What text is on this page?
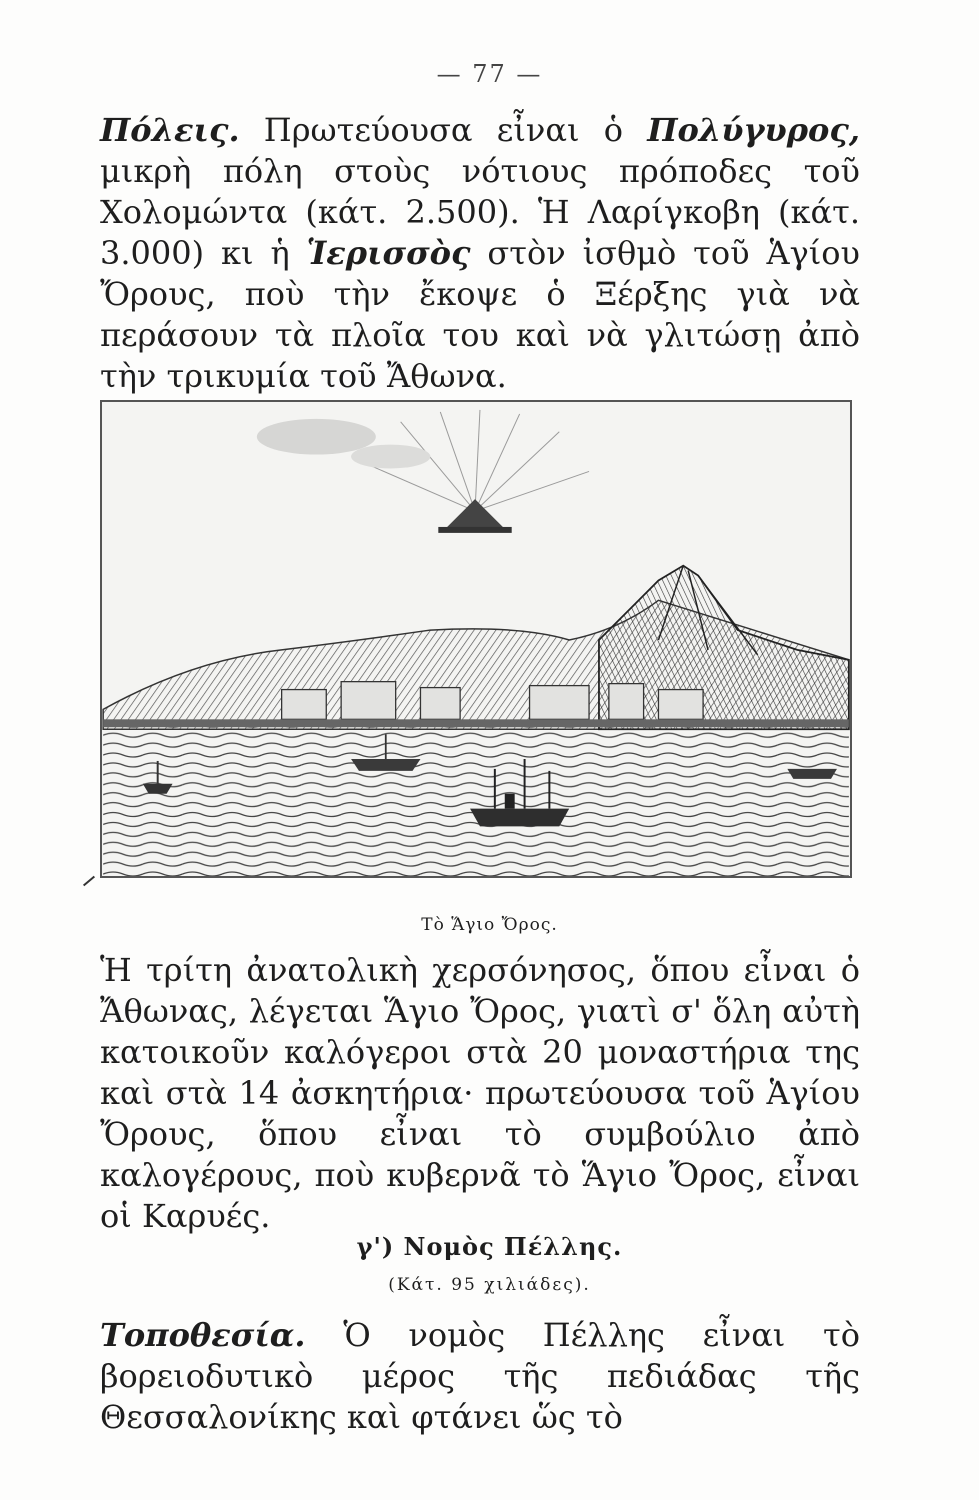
— 77 —
Πόλεις. Πρωτεύουσα εἶναι ὁ Πολύγυρος, μικρὴ πόλη στοὺς νότιους πρόποδες τοῦ Χολομώντα (κάτ. 2.500). Ἡ Λαρίγκοβη (κάτ. 3.000) κι ἡ Ἱερισσὸς στὸν ἰσθμὸ τοῦ Ἁγίου Ὄρους, ποὺ τὴν ἔκοψε ὁ Ξέρξης γιὰ νὰ περάσουν τὰ πλοῖα του καὶ νὰ γλιτώσῃ ἀπὸ τὴν τρικυμία τοῦ Ἄθωνα.
Τὸ Ἅγιο Ὄρος.
Ἡ τρίτη ἀνατολικὴ χερσόνησος, ὅπου εἶναι ὁ Ἄθωνας, λέγεται Ἅγιο Ὄρος, γιατὶ σ' ὅλη αὐτὴ κατοικοῦν καλόγεροι στὰ 20 μοναστήρια της καὶ στὰ 14 ἀσκητήρια· πρωτεύουσα τοῦ Ἁγίου Ὄρους, ὅπου εἶναι τὸ συμβούλιο ἀπὸ καλογέρους, ποὺ κυβερνᾶ τὸ Ἅγιο Ὄρος, εἶναι οἱ Καρυές.
γ') Νομὸς Πέλλης.
(Κάτ. 95 χιλιάδες).
Τοποθεσία. Ὁ νομὸς Πέλλης εἶναι τὸ βορειοδυτικὸ μέρος τῆς πεδιάδας τῆς Θεσσαλονίκης καὶ φτάνει ὥς τὸ
